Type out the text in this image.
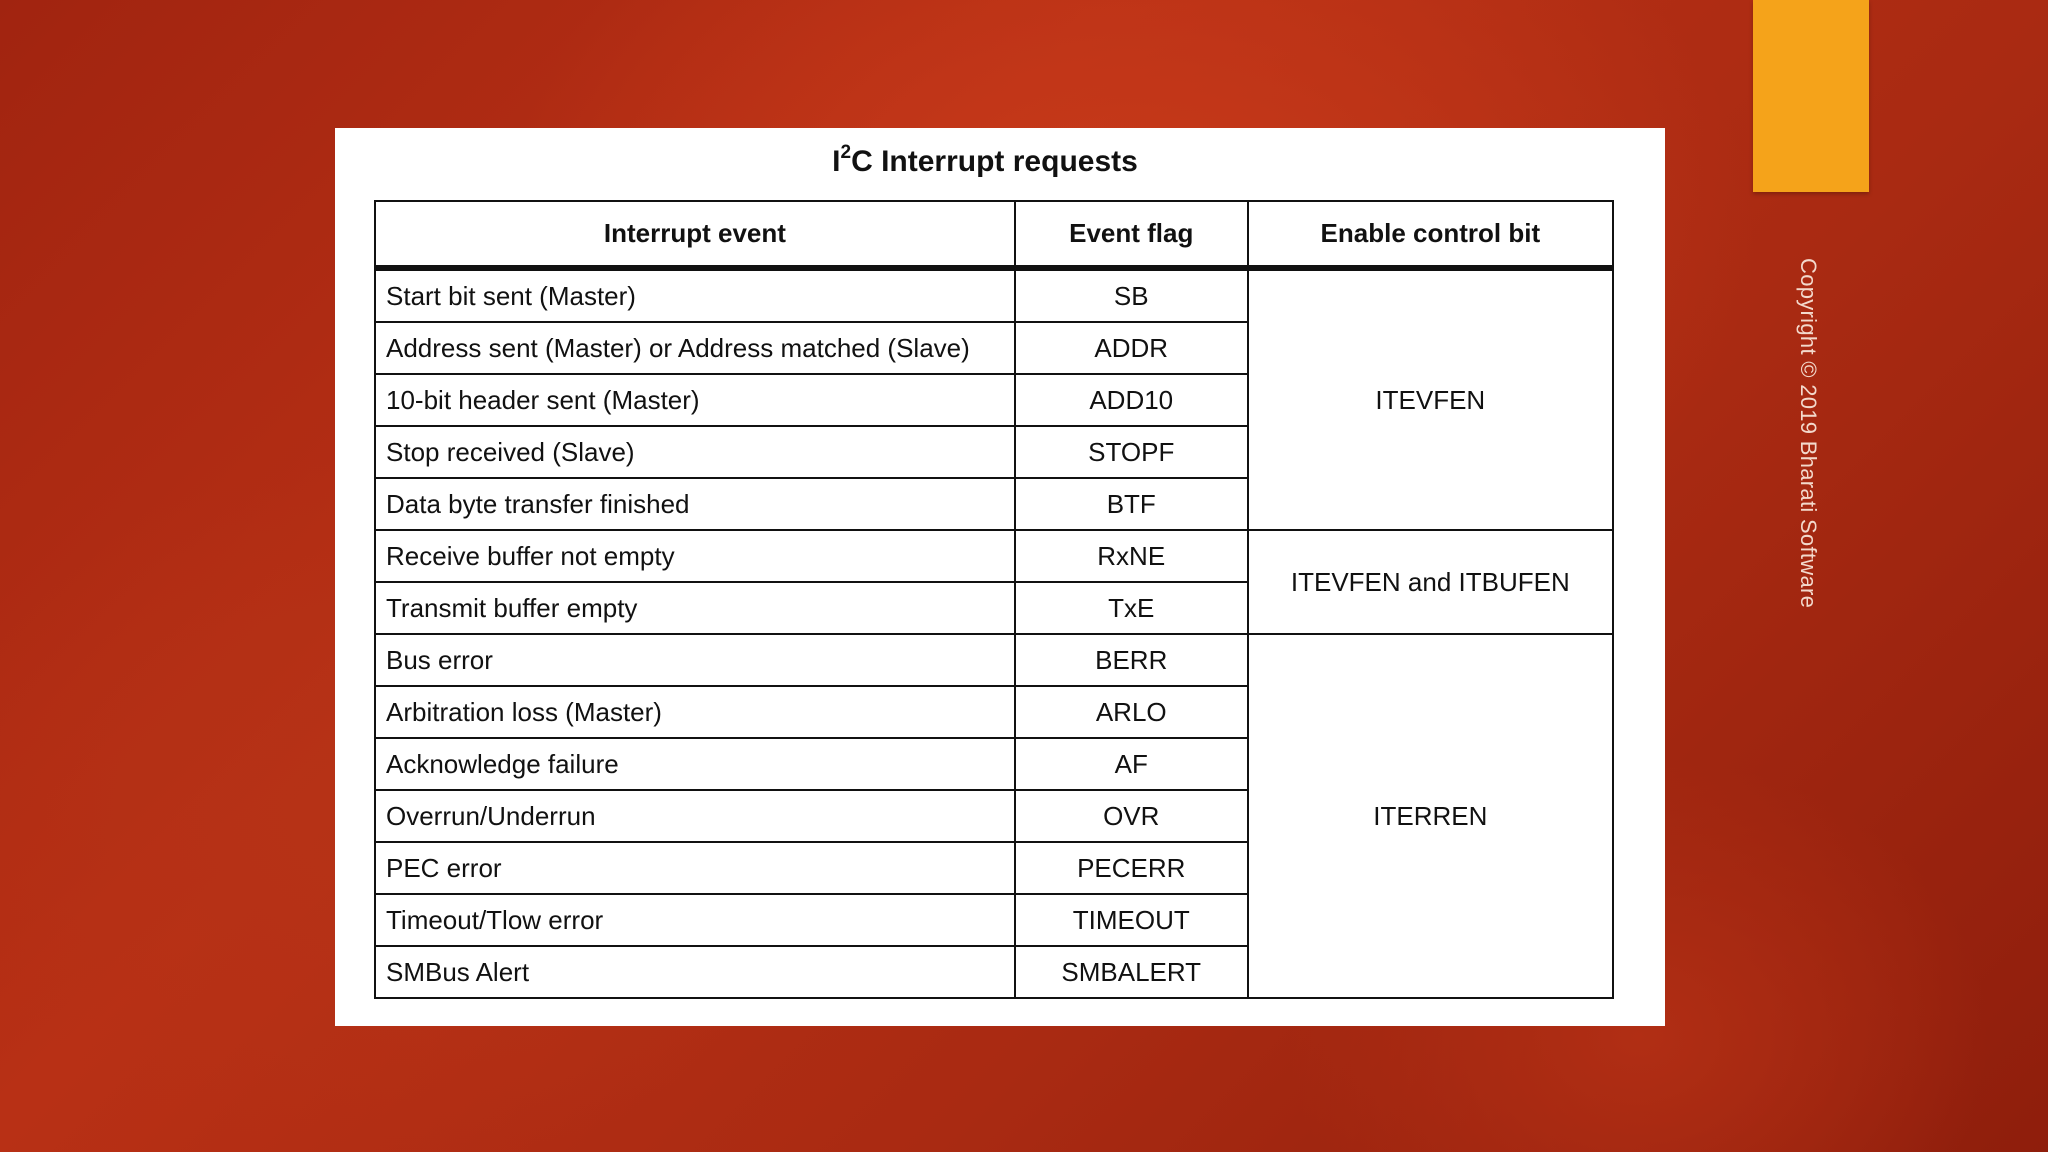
Copyright © 2019 Bharati Software
$I^2C$ Interrupt requests
Interrupt event	Event flag	Enable control bit
Start bit sent (Master)	SB	ITEVFEN
Address sent (Master) or Address matched (Slave)	ADDR	
10-bit header sent (Master)	ADD10	
Stop received (Slave)	STOPF	
Data byte transfer finished	BTF	
Receive buffer not empty	RxNE	ITEVFEN and ITBUFEN
Transmit buffer empty	TxE	
Bus error	BERR	ITERREN
Arbitration loss (Master)	ARLO	
Acknowledge failure	AF	
Overrun/Underrun	OVR	
PEC error	PECERR	
Timeout/Tlow error	TIMEOUT	
SMBus Alert	SMBALERT	
